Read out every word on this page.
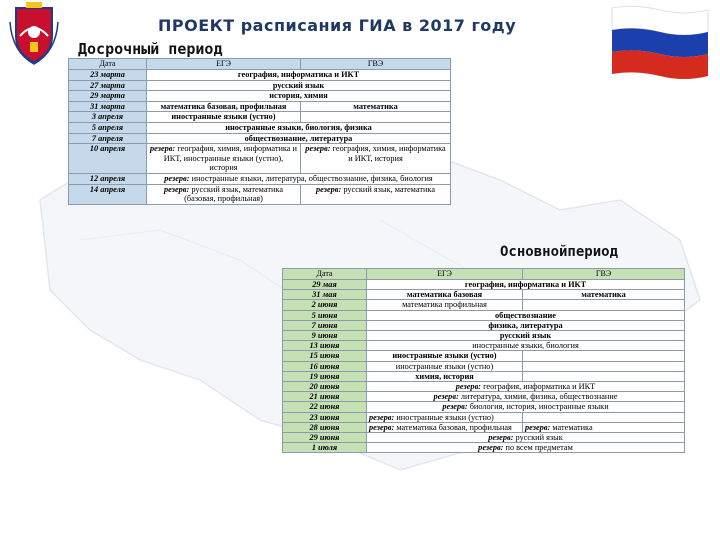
ПРОЕКТ расписания ГИА в 2017 году
Досрочный период
Основнойпериод
Дата	ЕГЭ	ГВЭ
23 марта	география, информатика и ИКТ	
27 марта	русский язык	
29 марта	история, химия	
31 марта	математика базовая, профильная	математика
3 апреля	иностранные языки (устно)	
5 апреля	иностранные языки, биология, физика	
7 апреля	обществознание, литература	
10 апреля	резерв: география, химия, информатика и ИКТ, иностранные языки (устно), история	резерв: география, химия, информатика и ИКТ, история
12 апреля	резерв: иностранные языки, литература, обществознание, физика, биология	
14 апреля	резерв: русский язык, математика (базовая, профильная)	резерв: русский язык, математика
Дата	ЕГЭ	ГВЭ
29 мая	география, информатика и ИКТ	
31 мая	математика базовая	математика
2 июня	математика профильная	
5 июня	обществознание	
7 июня	физика, литература	
9 июня	русский язык	
13 июня	иностранные языки, биология	
15 июня	иностранные языки (устно)	
16 июня	иностранные языки (устно)	
19 июня	химия, история	
20 июня	резерв: география, информатика и ИКТ	
21 июня	резерв: литература, химия, физика, обществознание	
22 июня	резерв: биология, история, иностранные языки	
23 июня	резерв: иностранные языки (устно)	
28 июня	резерв: математика базовая, профильная	резерв: математика
29 июня	резерв: русский язык	
1 июля	резерв: по всем предметам	
